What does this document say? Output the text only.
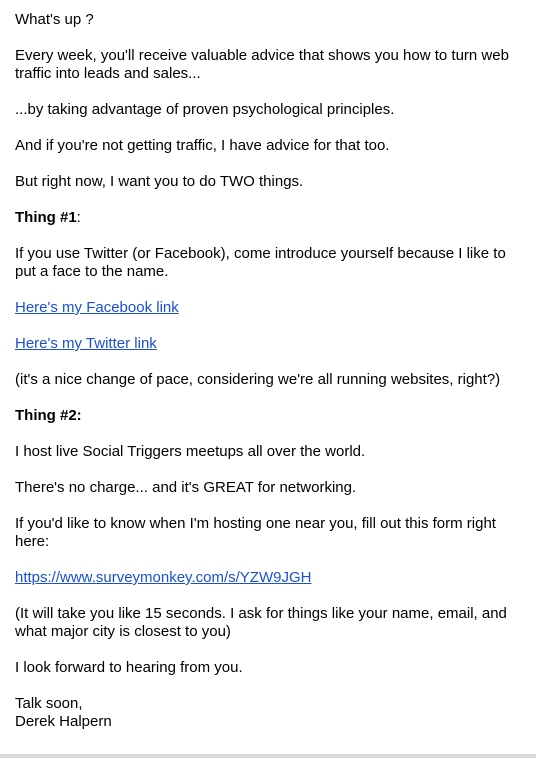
What's up ?
Every week, you'll receive valuable advice that shows you how to turn web traffic into leads and sales...
...by taking advantage of proven psychological principles.
And if you're not getting traffic, I have advice for that too.
But right now, I want you to do TWO things.
Thing #1:
If you use Twitter (or Facebook), come introduce yourself because I like to put a face to the name.
Here's my Facebook link
Here's my Twitter link
(it's a nice change of pace, considering we're all running websites, right?)
Thing #2:
I host live Social Triggers meetups all over the world.
There's no charge... and it's GREAT for networking.
If you'd like to know when I'm hosting one near you, fill out this form right here:
https://www.surveymonkey.com/s/YZW9JGH
(It will take you like 15 seconds. I ask for things like your name, email, and what major city is closest to you)
I look forward to hearing from you.
Talk soon,
Derek Halpern
